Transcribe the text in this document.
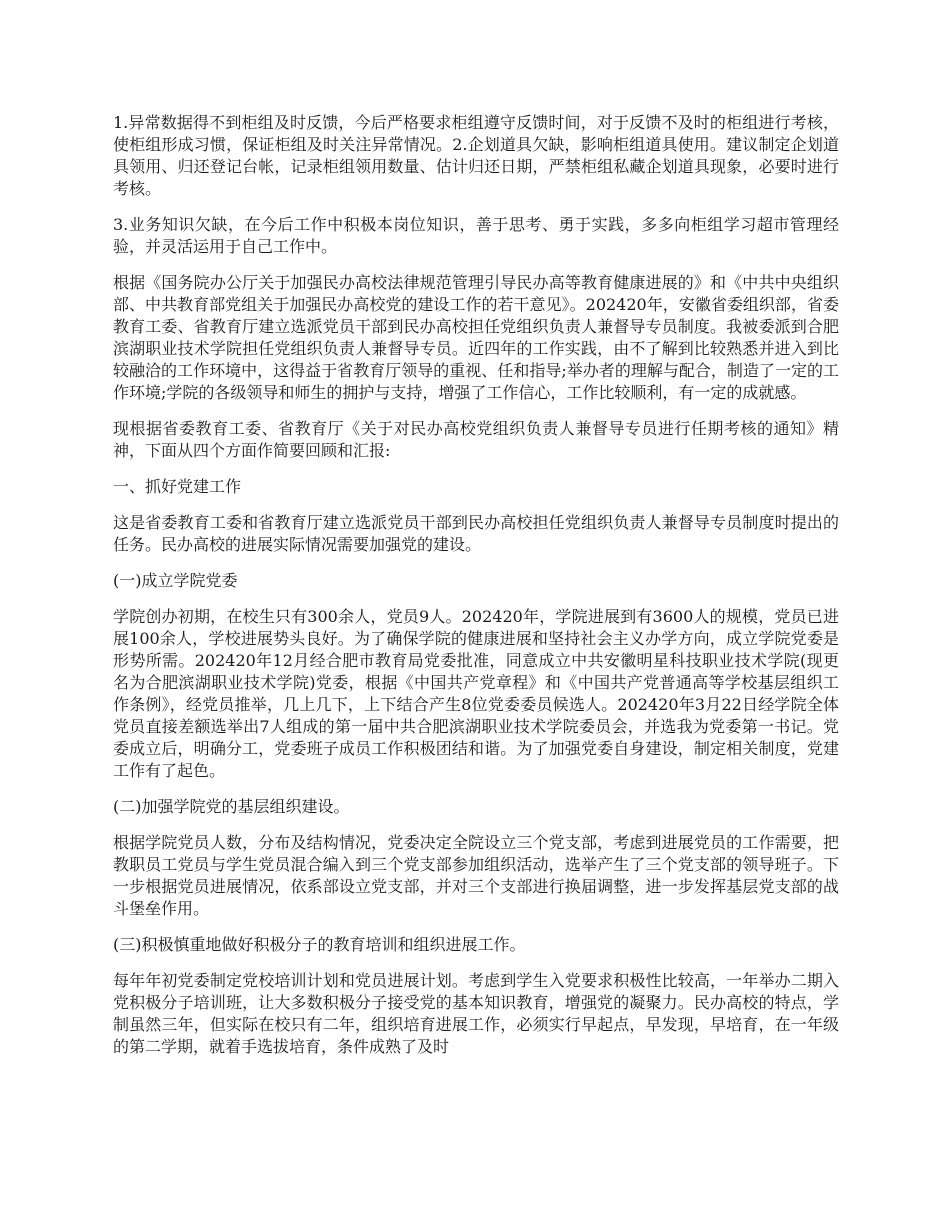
1.异常数据得不到柜组及时反馈，今后严格要求柜组遵守反馈时间，对于反馈不及时的柜组进行考核，使柜组形成习惯，保证柜组及时关注异常情况。2.企划道具欠缺，影响柜组道具使用。建议制定企划道具领用、归还登记台帐，记录柜组领用数量、估计归还日期，严禁柜组私藏企划道具现象，必要时进行考核。

3.业务知识欠缺，在今后工作中积极本岗位知识，善于思考、勇于实践，多多向柜组学习超市管理经验，并灵活运用于自己工作中。

根据《国务院办公厅关于加强民办高校法律规范管理引导民办高等教育健康进展的》和《中共中央组织部、中共教育部党组关于加强民办高校党的建设工作的若干意见》。202420年，安徽省委组织部，省委教育工委、省教育厅建立选派党员干部到民办高校担任党组织负责人兼督导专员制度。我被委派到合肥滨湖职业技术学院担任党组织负责人兼督导专员。近四年的工作实践，由不了解到比较熟悉并进入到比较融洽的工作环境中，这得益于省教育厅领导的重视、任和指导;举办者的理解与配合，制造了一定的工作环境;学院的各级领导和师生的拥护与支持，增强了工作信心，工作比较顺利，有一定的成就感。

现根据省委教育工委、省教育厅《关于对民办高校党组织负责人兼督导专员进行任期考核的通知》精神，下面从四个方面作简要回顾和汇报:

一、抓好党建工作

这是省委教育工委和省教育厅建立选派党员干部到民办高校担任党组织负责人兼督导专员制度时提出的任务。民办高校的进展实际情况需要加强党的建设。

(一)成立学院党委

学院创办初期，在校生只有300余人，党员9人。202420年，学院进展到有3600人的规模，党员已进展100余人，学校进展势头良好。为了确保学院的健康进展和坚持社会主义办学方向，成立学院党委是形势所需。202420年12月经合肥市教育局党委批准，同意成立中共安徽明星科技职业技术学院(现更名为合肥滨湖职业技术学院)党委，根据《中国共产党章程》和《中国共产党普通高等学校基层组织工作条例》，经党员推举，几上几下，上下结合产生8位党委委员候选人。202420年3月22日经学院全体党员直接差额选举出7人组成的第一届中共合肥滨湖职业技术学院委员会，并选我为党委第一书记。党委成立后，明确分工，党委班子成员工作积极团结和谐。为了加强党委自身建设，制定相关制度，党建工作有了起色。

(二)加强学院党的基层组织建设。

根据学院党员人数，分布及结构情况，党委决定全院设立三个党支部，考虑到进展党员的工作需要，把教职员工党员与学生党员混合编入到三个党支部参加组织活动，选举产生了三个党支部的领导班子。下一步根据党员进展情况，依系部设立党支部，并对三个支部进行换届调整，进一步发挥基层党支部的战斗堡垒作用。

(三)积极慎重地做好积极分子的教育培训和组织进展工作。

每年年初党委制定党校培训计划和党员进展计划。考虑到学生入党要求积极性比较高，一年举办二期入党积极分子培训班，让大多数积极分子接受党的基本知识教育，增强党的凝聚力。民办高校的特点，学制虽然三年，但实际在校只有二年，组织培育进展工作，必须实行早起点，早发现，早培育，在一年级的第二学期，就着手选拔培育，条件成熟了及时
